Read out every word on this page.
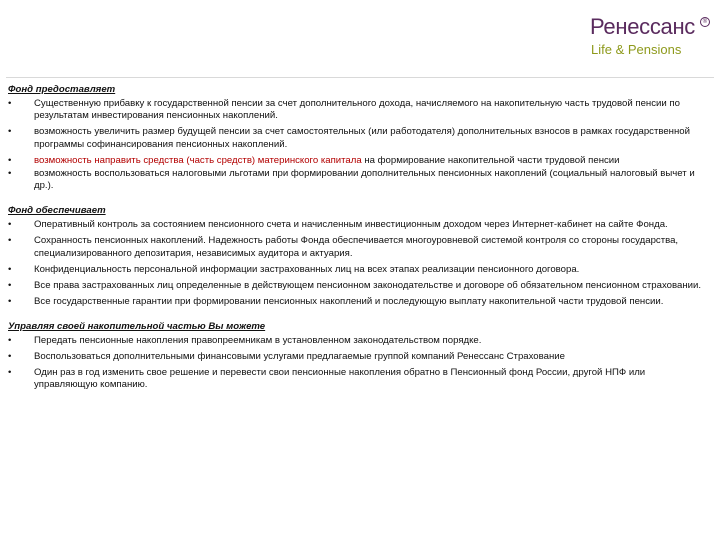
Ренессанс	®
Life & Pensions
Фонд предоставляет
• Существенную прибавку к государственной пенсии за счет дополнительного дохода, начисляемого на накопительную часть трудовой пенсии по результатам инвестирования пенсионных накоплений.
• возможность увеличить размер будущей пенсии за счет самостоятельных (или работодателя) дополнительных взносов в рамках государственной программы софинансирования пенсионных накоплений.
• возможность направить средства (часть средств) материнского капитала на формирование накопительной части трудовой пенсии
• возможность воспользоваться налоговыми льготами при формировании дополнительных пенсионных накоплений (социальный налоговый вычет и др.).
Фонд обеспечивает
• Оперативный контроль за состоянием пенсионного счета и начисленным инвестиционным доходом через Интернет-кабинет на сайте Фонда.
• Сохранность пенсионных накоплений. Надежность работы Фонда обеспечивается многоуровневой системой контроля со стороны государства, специализированного депозитария, независимых аудитора и актуария.
• Конфиденциальность персональной информации застрахованных лиц на всех этапах реализации пенсионного договора.
• Все права застрахованных лиц определенные в действующем пенсионном законодательстве и договоре об обязательном пенсионном страховании.
• Все государственные гарантии при формировании пенсионных накоплений и последующую выплату накопительной части трудовой пенсии.
Управляя своей накопительной частью Вы можете
• Передать пенсионные накопления правопреемникам в установленном законодательством порядке.
• Воспользоваться дополнительными финансовыми услугами предлагаемые группой компаний Ренессанс Страхование
• Один раз в год изменить свое решение и перевести свои пенсионные накопления обратно в Пенсионный фонд России, другой НПФ или управляющую компанию.
